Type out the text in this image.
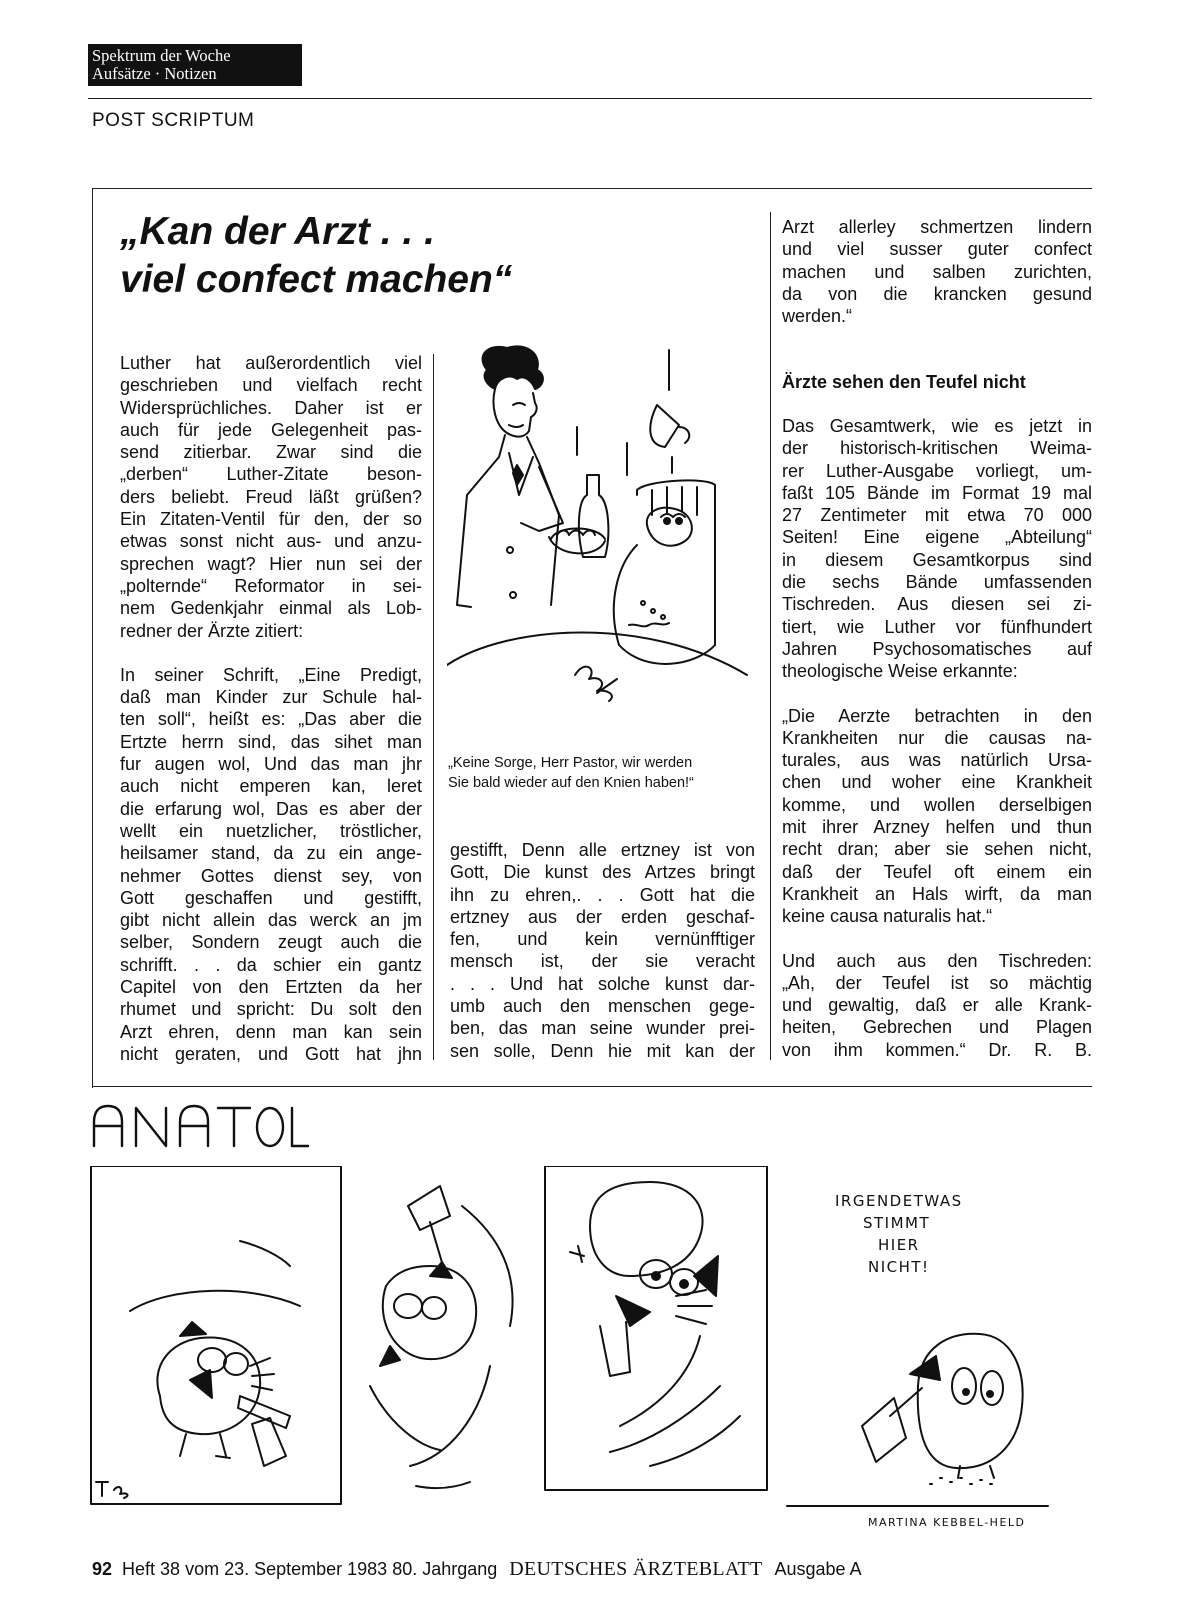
Spektrum der Woche
Aufsätze · Notizen
POST SCRIPTUM
„Kan der Arzt . . .
viel confect machen“
Luther hat außerordentlich viel
geschrieben und vielfach recht
Widersprüchliches. Daher ist er
auch für jede Gelegenheit pas-
send zitierbar. Zwar sind die
„derben“ Luther-Zitate beson-
ders beliebt. Freud läßt grüßen?
Ein Zitaten-Ventil für den, der so
etwas sonst nicht aus- und anzu-
sprechen wagt? Hier nun sei der
„polternde“ Reformator in sei-
nem Gedenkjahr einmal als Lob-
redner der Ärzte zitiert:
In seiner Schrift, „Eine Predigt,
daß man Kinder zur Schule hal-
ten soll“, heißt es: „Das aber die
Ertzte herrn sind, das sihet man
fur augen wol, Und das man jhr
auch nicht emperen kan, leret
die erfarung wol, Das es aber der
wellt ein nuetzlicher, tröstlicher,
heilsamer stand, da zu ein ange-
nehmer Gottes dienst sey, von
Gott geschaffen und gestifft,
gibt nicht allein das werck an jm
selber, Sondern zeugt auch die
schrifft. . . da schier ein gantz
Capitel von den Ertzten da her
rhumet und spricht: Du solt den
Arzt ehren, denn man kan sein
nicht geraten, und Gott hat jhn
„Keine Sorge, Herr Pastor, wir werden
Sie bald wieder auf den Knien haben!“
gestifft, Denn alle ertzney ist von
Gott, Die kunst des Artzes bringt
ihn zu ehren,. . . Gott hat die
ertzney aus der erden geschaf-
fen, und kein vernünfftiger
mensch ist, der sie veracht
. . . Und hat solche kunst dar-
umb auch den menschen gege-
ben, das man seine wunder prei-
sen solle, Denn hie mit kan der
Arzt allerley schmertzen lindern
und viel susser guter confect
machen und salben zurichten,
da von die krancken gesund
werden.“
Ärzte sehen den Teufel nicht
Das Gesamtwerk, wie es jetzt in
der historisch-kritischen Weima-
rer Luther-Ausgabe vorliegt, um-
faßt 105 Bände im Format 19 mal
27 Zentimeter mit etwa 70 000
Seiten! Eine eigene „Abteilung“
in diesem Gesamtkorpus sind
die sechs Bände umfassenden
Tischreden. Aus diesen sei zi-
tiert, wie Luther vor fünfhundert
Jahren Psychosomatisches auf
theologische Weise erkannte:
„Die Aerzte betrachten in den
Krankheiten nur die causas na-
turales, aus was natürlich Ursa-
chen und woher eine Krankheit
komme, und wollen derselbigen
mit ihrer Arzney helfen und thun
recht dran; aber sie sehen nicht,
daß der Teufel oft einem ein
Krankheit an Hals wirft, da man
keine causa naturalis hat.“
Und auch aus den Tischreden:
„Ah, der Teufel ist so mächtig
und gewaltig, daß er alle Krank-
heiten, Gebrechen und Plagen
von ihm kommen.“ Dr. R. B.
IRGENDETWAS
STIMMT
HIER
NICHT!
MARTINA KEBBEL-HELD
92 Heft 38 vom 23. September 1983 80. Jahrgang DEUTSCHES ÄRZTEBLATT Ausgabe A
